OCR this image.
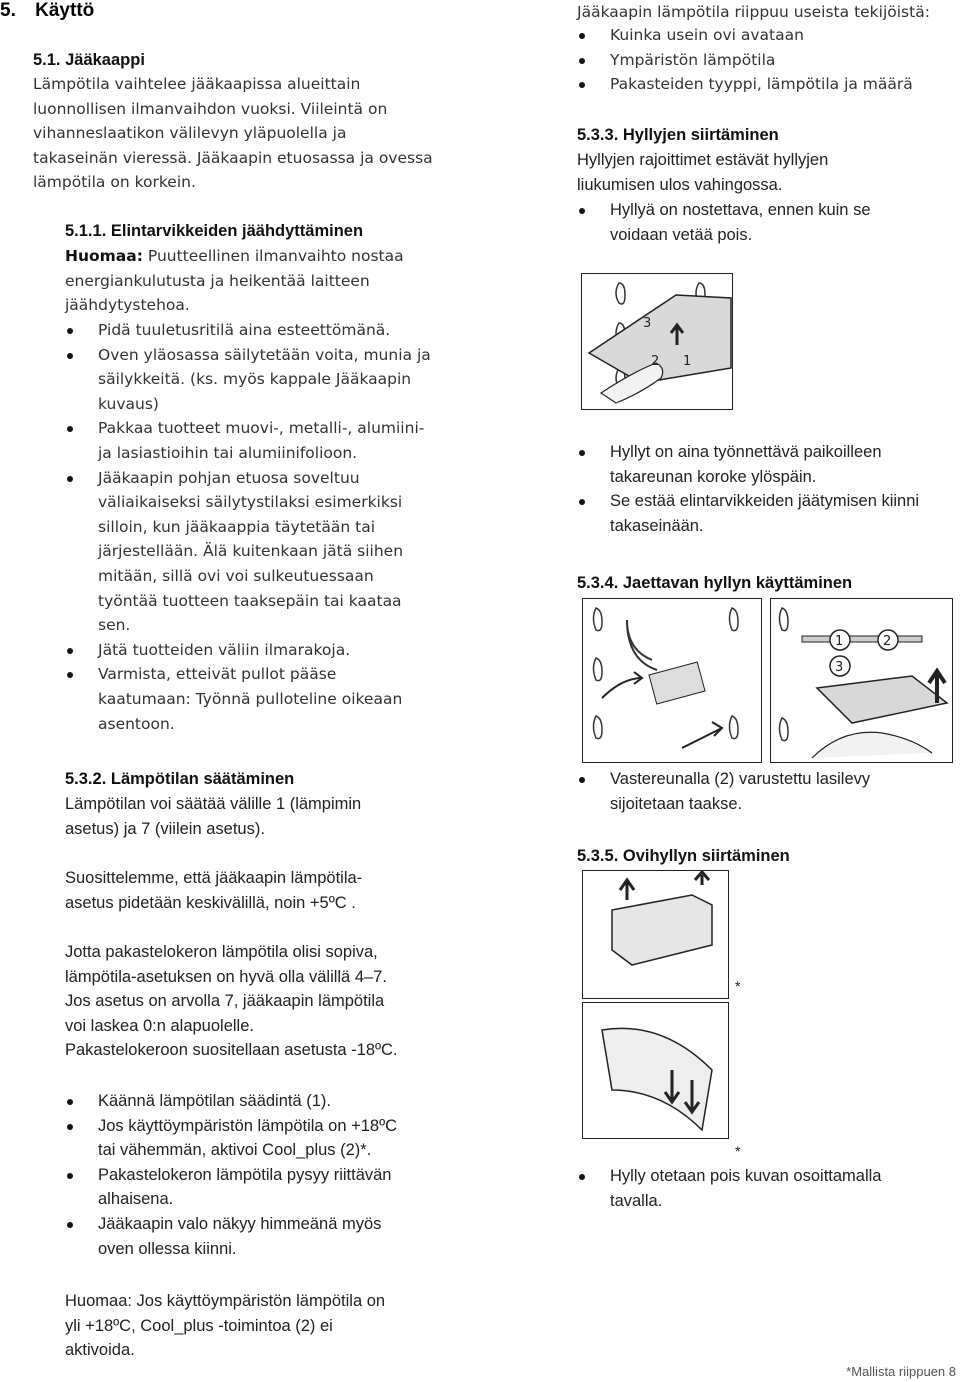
5. Käyttö
5.1. Jääkaappi
Lämpötila vaihtelee jääkaapissa alueittain
luonnollisen ilmanvaihdon vuoksi. Viileintä on
vihanneslaatikon välilevyn yläpuolella ja
takaseinän vieressä. Jääkaapin etuosassa ja ovessa
lämpötila on korkein.
5.1.1. Elintarvikkeiden jäähdyttäminen
Huomaa: Puutteellinen ilmanvaihto nostaa
energiankulutusta ja heikentää laitteen
jäähdytystehoa.
Pidä tuuletusritilä aina esteettömänä.
Oven yläosassa säilytetään voita, munia ja
säilykkeitä. (ks. myös kappale Jääkaapin
kuvaus)
Pakkaa tuotteet muovi-, metalli-, alumiini-
ja lasiastioihin tai alumiinifolioon.
Jääkaapin pohjan etuosa soveltuu
väliaikaiseksi säilytystilaksi esimerkiksi
silloin, kun jääkaappia täytetään tai
järjestellään. Älä kuitenkaan jätä siihen
mitään, sillä ovi voi sulkeutuessaan
työntää tuotteen taaksepäin tai kaataa
sen.
Jätä tuotteiden väliin ilmarakoja.
Varmista, etteivät pullot pääse
kaatumaan: Työnnä pulloteline oikeaan
asentoon.
5.3.2. Lämpötilan säätäminen
Lämpötilan voi säätää välille 1 (lämpimin
asetus) ja 7 (viilein asetus).
Suosittelemme, että jääkaapin lämpötila-
asetus pidetään keskivälillä, noin +5ºC .
Jotta pakastelokeron lämpötila olisi sopiva,
lämpötila-asetuksen on hyvä olla välillä 4–7.
Jos asetus on arvolla 7, jääkaapin lämpötila
voi laskea 0:n alapuolelle.
Pakastelokeroon suositellaan asetusta -18ºC.
Käännä lämpötilan säädintä (1).
Jos käyttöympäristön lämpötila on +18ºC
tai vähemmän, aktivoi Cool_plus (2)*.
Pakastelokeron lämpötila pysyy riittävän
alhaisena.
Jääkaapin valo näkyy himmeänä myös
oven ollessa kiinni.
Huomaa: Jos käyttöympäristön lämpötila on
yli +18ºC, Cool_plus -toimintoa (2) ei
aktivoida.
Jääkaapin lämpötila riippuu useista tekijöistä:
Kuinka usein ovi avataan
Ympäristön lämpötila
Pakasteiden tyyppi, lämpötila ja määrä
5.3.3. Hyllyjen siirtäminen
Hyllyjen rajoittimet estävät hyllyjen
liukumisen ulos vahingossa.
Hyllyä on nostettava, ennen kuin se
voidaan vetää pois.
3
2 1
Hyllyt on aina työnnettävä paikoilleen
takareunan koroke ylöspäin.
Se estää elintarvikkeiden jäätymisen kiinni
takaseinään.
5.3.4. Jaettavan hyllyn käyttäminen
1	2
3
Vastereunalla (2) varustettu lasilevy
sijoitetaan taakse.
5.3.5. Ovihyllyn siirtäminen
*
*
Hylly otetaan pois kuvan osoittamalla
tavalla.
*Mallista riippuen 8
